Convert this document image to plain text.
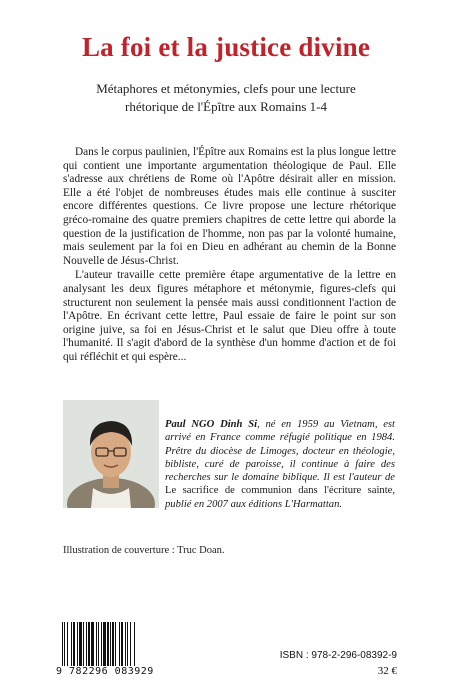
La foi et la justice divine
Métaphores et métonymies, clefs pour une lecture
rhétorique de l'Épître aux Romains 1-4

Dans le corpus paulinien, l'Épître aux Romains est la plus longue lettre qui contient une importante argumentation théologique de Paul. Elle s'adresse aux chrétiens de Rome où l'Apôtre désirait aller en mission. Elle a été l'objet de nombreuses études mais elle continue à susciter encore différentes questions. Ce livre propose une lecture rhétorique gréco-romaine des quatre premiers chapitres de cette lettre qui aborde la question de la justification de l'homme, non pas par la volonté humaine, mais seulement par la foi en Dieu en adhérant au chemin de la Bonne Nouvelle de Jésus-Christ.

L'auteur travaille cette première étape argumentative de la lettre en analysant les deux figures métaphore et métonymie, figures-clefs qui structurent non seulement la pensée mais aussi conditionnent l'action de l'Apôtre. En écrivant cette lettre, Paul essaie de faire le point sur son origine juive, sa foi en Jésus-Christ et le salut que Dieu offre à toute l'humanité. Il s'agit d'abord de la synthèse d'un homme d'action et de foi qui réfléchit et qui espère...

Paul NGO Dinh Si, né en 1959 au Vietnam, est arrivé en France comme réfugié politique en 1984. Prêtre du diocèse de Limoges, docteur en théologie, bibliste, curé de paroisse, il continue à faire des recherches sur le domaine biblique. Il est l'auteur de Le sacrifice de communion dans l'écriture sainte, publié en 2007 aux éditions L'Harmattan.
Illustration de couverture : Truc Doan.
9 782296 083929
ISBN : 978-2-296-08392-9
32 €
